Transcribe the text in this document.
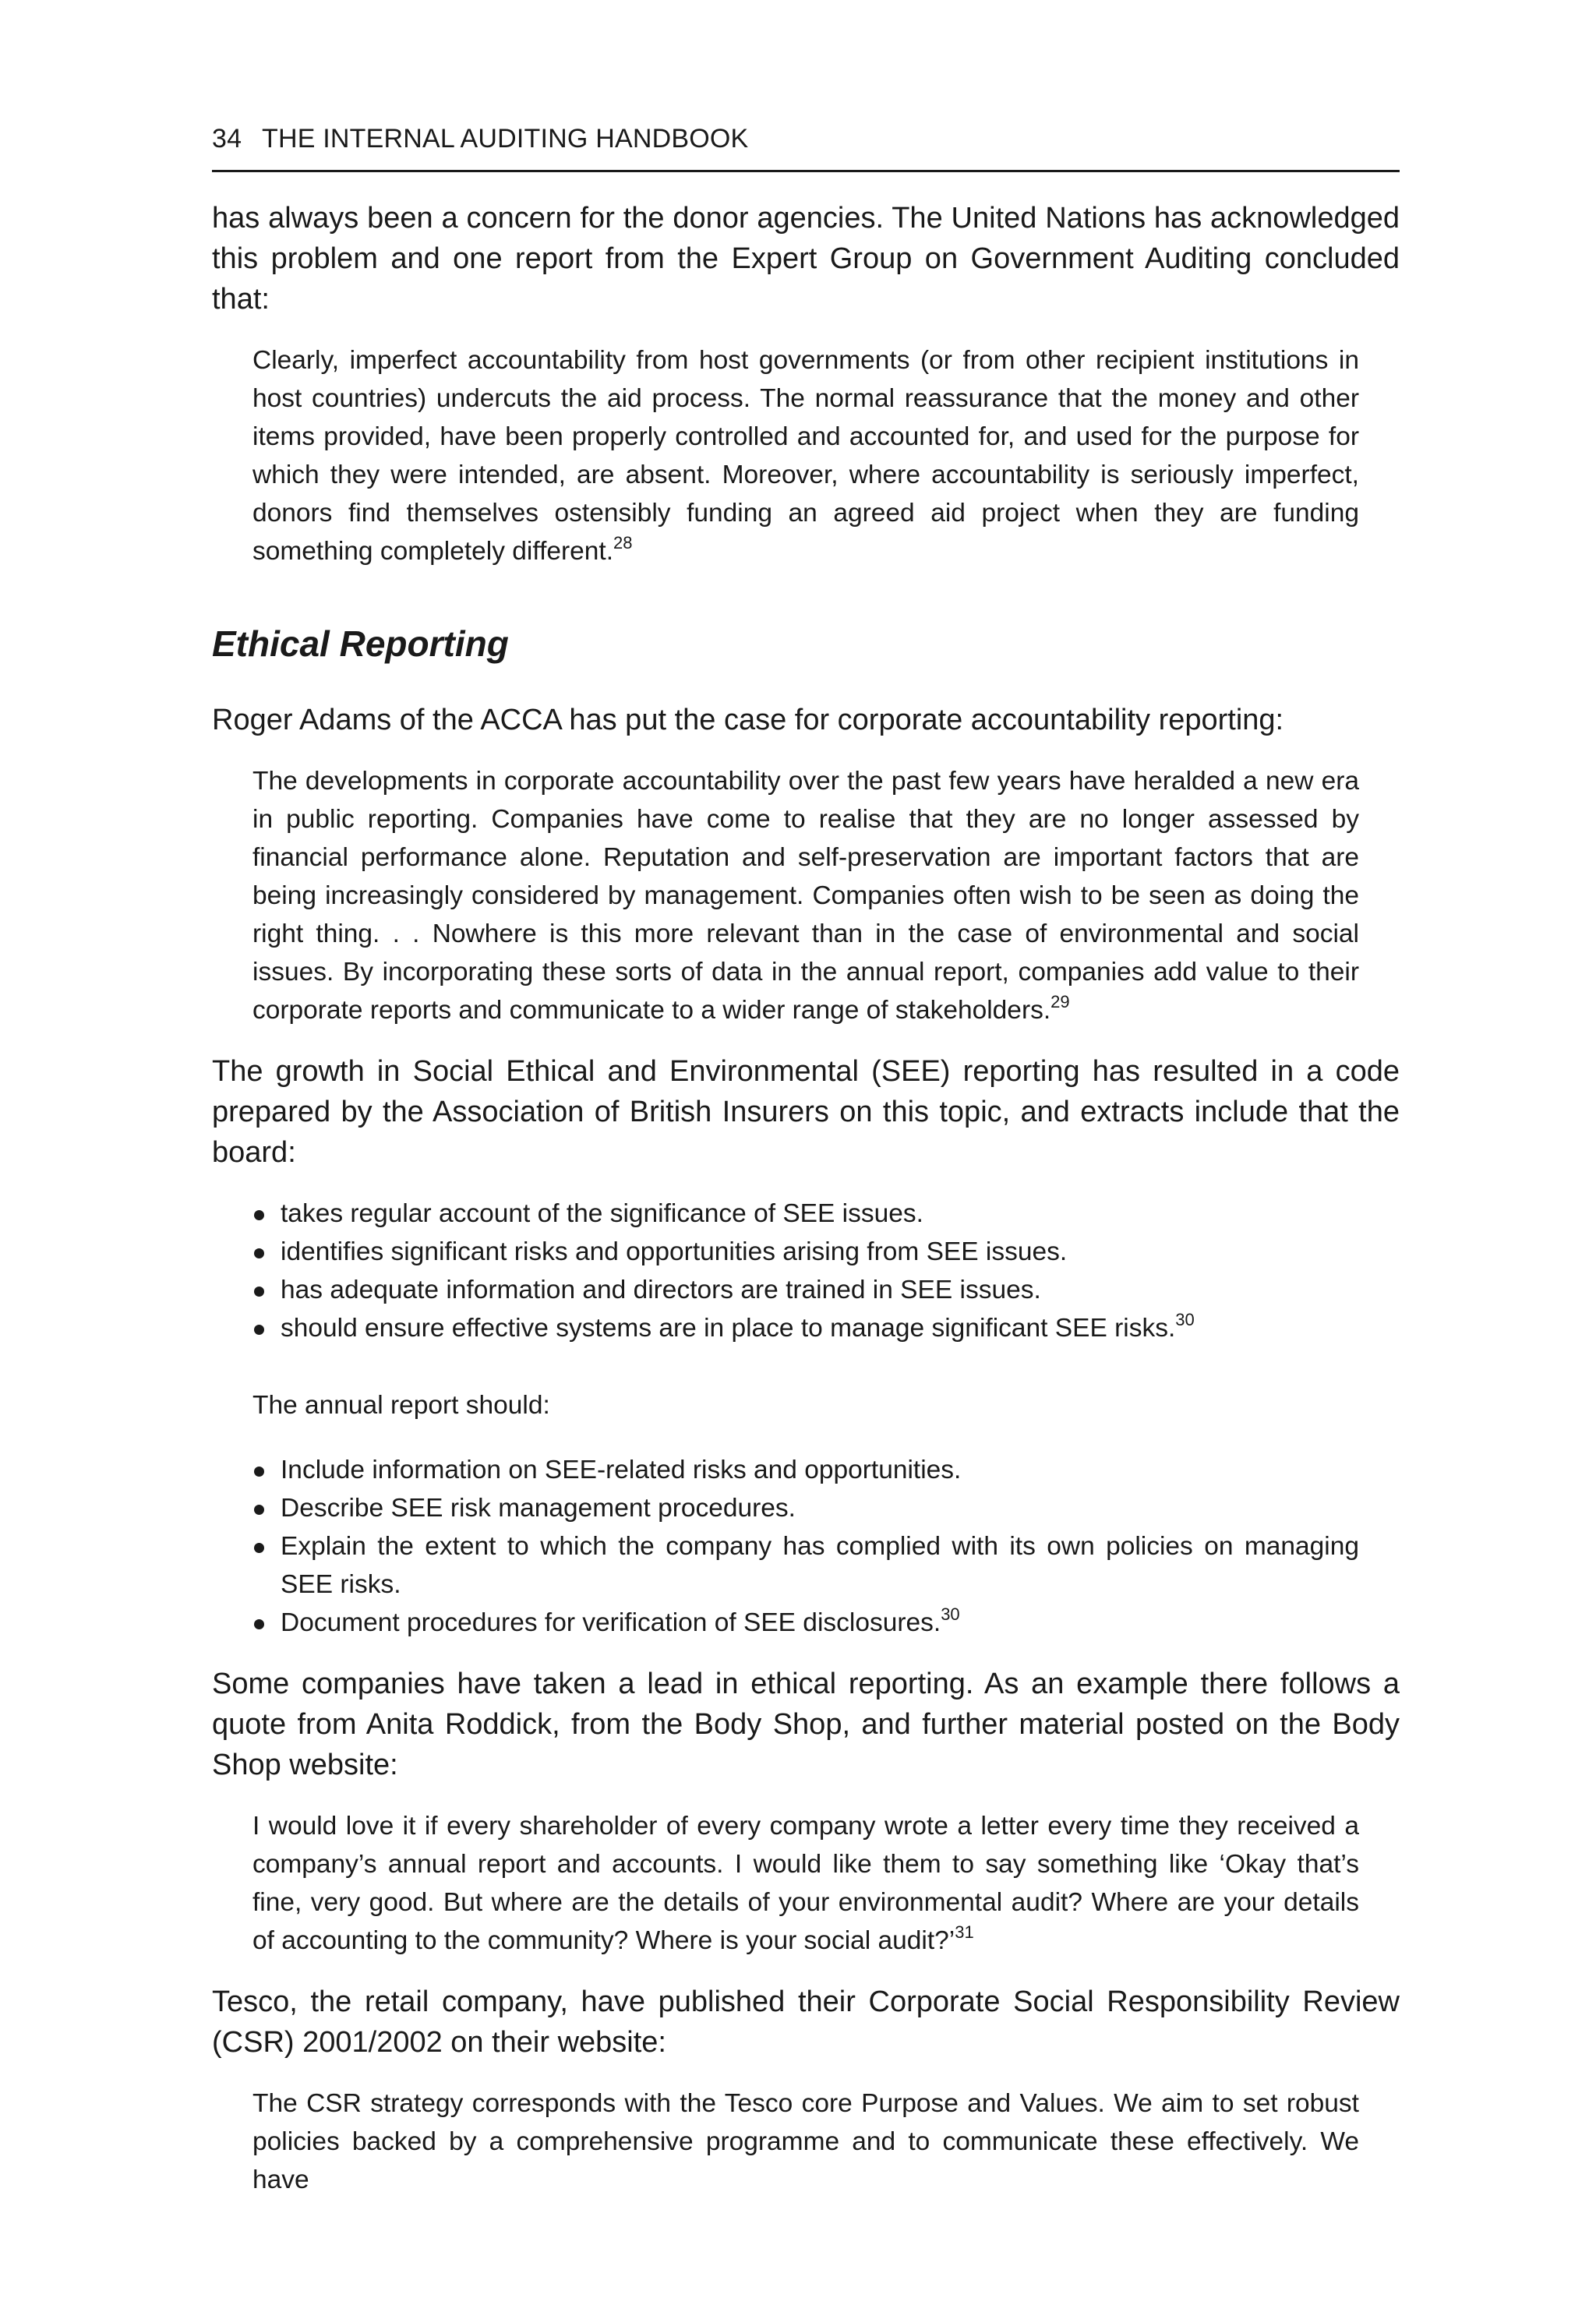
34 THE INTERNAL AUDITING HANDBOOK

has always been a concern for the donor agencies. The United Nations has acknowledged this problem and one report from the Expert Group on Government Auditing concluded that:

Clearly, imperfect accountability from host governments (or from other recipient institutions in host countries) undercuts the aid process. The normal reassurance that the money and other items provided, have been properly controlled and accounted for, and used for the purpose for which they were intended, are absent. Moreover, where accountability is seriously imperfect, donors find themselves ostensibly funding an agreed aid project when they are funding something completely different.$^{28}$

Ethical Reporting

Roger Adams of the ACCA has put the case for corporate accountability reporting:

The developments in corporate accountability over the past few years have heralded a new era in public reporting. Companies have come to realise that they are no longer assessed by financial performance alone. Reputation and self-preservation are important factors that are being increasingly considered by management. Companies often wish to be seen as doing the right thing. . . Nowhere is this more relevant than in the case of environmental and social issues. By incorporating these sorts of data in the annual report, companies add value to their corporate reports and communicate to a wider range of stakeholders.$^{29}$

The growth in Social Ethical and Environmental (SEE) reporting has resulted in a code prepared by the Association of British Insurers on this topic, and extracts include that the board:

takes regular account of the significance of SEE issues.
identifies significant risks and opportunities arising from SEE issues.
has adequate information and directors are trained in SEE issues.
should ensure effective systems are in place to manage significant SEE risks.$^{30}$

The annual report should:

Include information on SEE-related risks and opportunities.
Describe SEE risk management procedures.
Explain the extent to which the company has complied with its own policies on managing SEE risks.
Document procedures for verification of SEE disclosures.$^{30}$

Some companies have taken a lead in ethical reporting. As an example there follows a quote from Anita Roddick, from the Body Shop, and further material posted on the Body Shop website:

I would love it if every shareholder of every company wrote a letter every time they received a company’s annual report and accounts. I would like them to say something like ‘Okay that’s fine, very good. But where are the details of your environmental audit? Where are your details of accounting to the community? Where is your social audit?’$^{31}$

Tesco, the retail company, have published their Corporate Social Responsibility Review (CSR) 2001/2002 on their website:

The CSR strategy corresponds with the Tesco core Purpose and Values. We aim to set robust policies backed by a comprehensive programme and to communicate these effectively. We have
